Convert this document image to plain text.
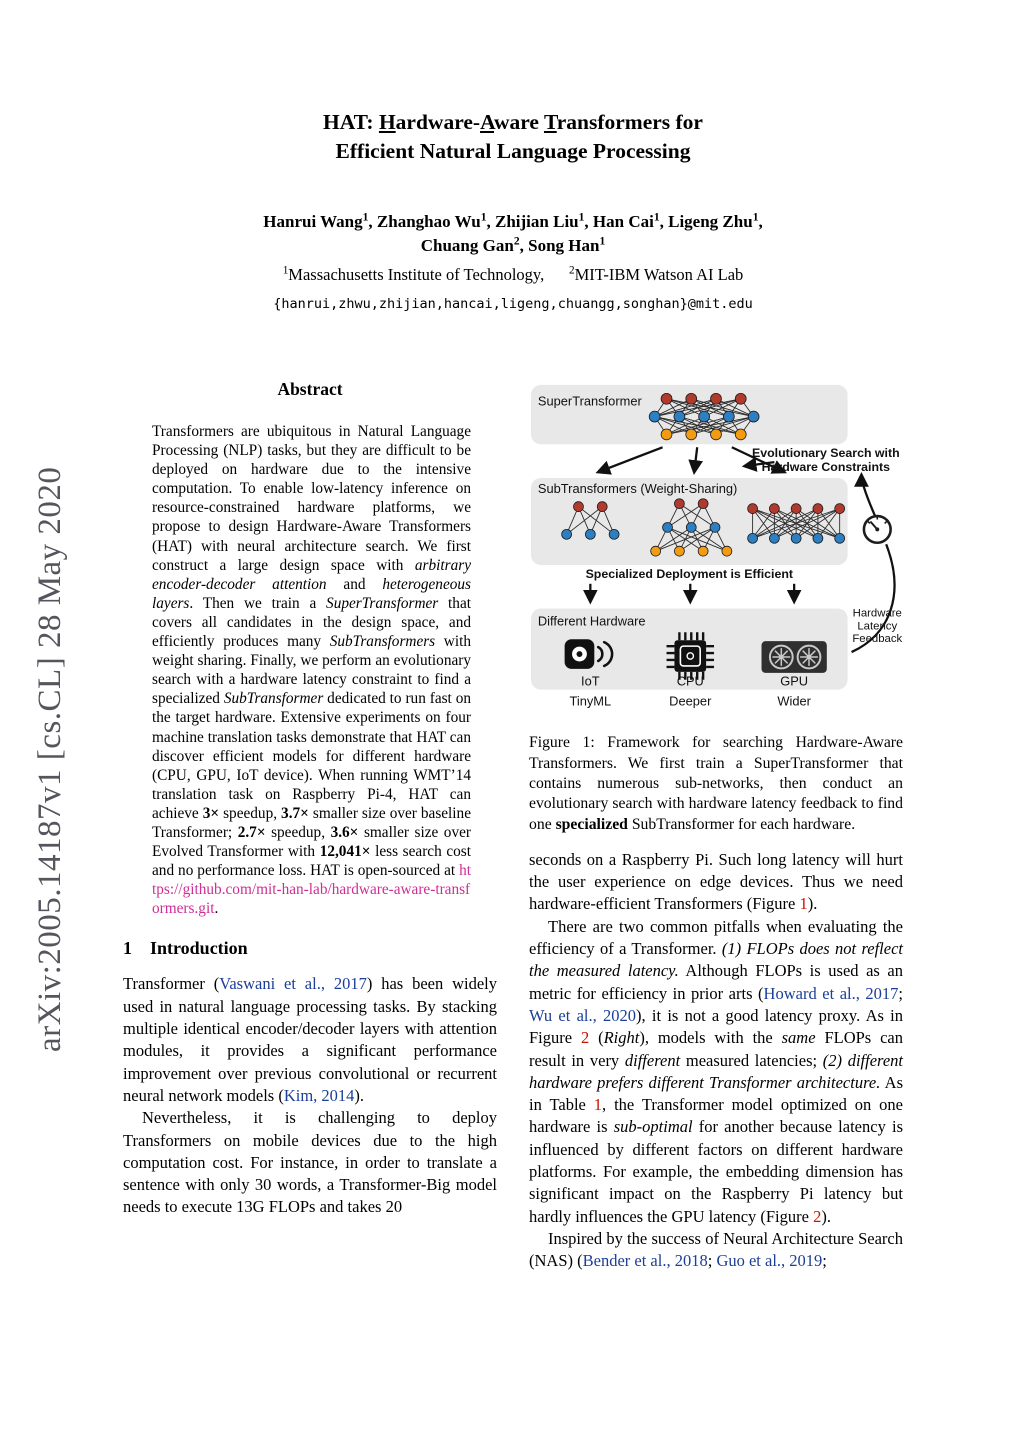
arXiv:2005.14187v1 [cs.CL] 28 May 2020
HAT: Hardware-Aware Transformers for
Efficient Natural Language Processing
Hanrui Wang$^1$, Zhanghao Wu$^1$, Zhijian Liu$^1$, Han Cai$^1$, Ligeng Zhu$^1$,
Chuang Gan$^2$, Song Han$^1$
$^1$Massachusetts Institute of Technology,   $^2$MIT-IBM Watson AI Lab
{hanrui,zhwu,zhijian,hancai,ligeng,chuangg,songhan}@mit.edu
Abstract

Transformers are ubiquitous in Natural Language Processing (NLP) tasks, but they are difficult to be deployed on hardware due to the intensive computation. To enable low-latency inference on resource-constrained hardware platforms, we propose to design Hardware-Aware Transformers (HAT) with neural architecture search. We first construct a large design space with arbitrary encoder-decoder attention and heterogeneous layers. Then we train a SuperTransformer that covers all candidates in the design space, and efficiently produces many SubTransformers with weight sharing. Finally, we perform an evolutionary search with a hardware latency constraint to find a specialized SubTransformer dedicated to run fast on the target hardware. Extensive experiments on four machine translation tasks demonstrate that HAT can discover efficient models for different hardware (CPU, GPU, IoT device). When running WMT’14 translation task on Raspberry Pi-4, HAT can achieve 3× speedup, 3.7× smaller size over baseline Transformer; 2.7× speedup, 3.6× smaller size over Evolved Transformer with 12,041× less search cost and no performance loss. HAT is open-sourced at https://github.com/mit-han-lab/hardware-aware-transformers.git.

1 Introduction

Transformer (Vaswani et al., 2017) has been widely used in natural language processing tasks. By stacking multiple identical encoder/decoder layers with attention modules, it provides a significant performance improvement over previous convolutional or recurrent neural network models (Kim, 2014).

Nevertheless, it is challenging to deploy Transformers on mobile devices due to the high computation cost. For instance, in order to translate a sentence with only 30 words, a Transformer-Big model needs to execute 13G FLOPs and takes 20

SuperTransformer
Evolutionary Search with
Hardware Constraints
SubTransformers (Weight-Sharing)
Specialized Deployment is Efficient
Different Hardware
IoT	CPU	GPU
TinyML	Deeper	Wider
Hardware
Latency
Feedback
Figure 1: Framework for searching Hardware-Aware Transformers. We first train a SuperTransformer that contains numerous sub-networks, then conduct an evolutionary search with hardware latency feedback to find one specialized SubTransformer for each hardware.

seconds on a Raspberry Pi. Such long latency will hurt the user experience on edge devices. Thus we need hardware-efficient Transformers (Figure 1).

There are two common pitfalls when evaluating the efficiency of a Transformer. (1) FLOPs does not reflect the measured latency. Although FLOPs is used as an metric for efficiency in prior arts (Howard et al., 2017; Wu et al., 2020), it is not a good latency proxy. As in Figure 2 (Right), models with the same FLOPs can result in very different measured latencies; (2) different hardware prefers different Transformer architecture. As in Table 1, the Transformer model optimized on one hardware is sub-optimal for another because latency is influenced by different factors on different hardware platforms. For example, the embedding dimension has significant impact on the Raspberry Pi latency but hardly influences the GPU latency (Figure 2).

Inspired by the success of Neural Architecture Search (NAS) (Bender et al., 2018; Guo et al., 2019;
